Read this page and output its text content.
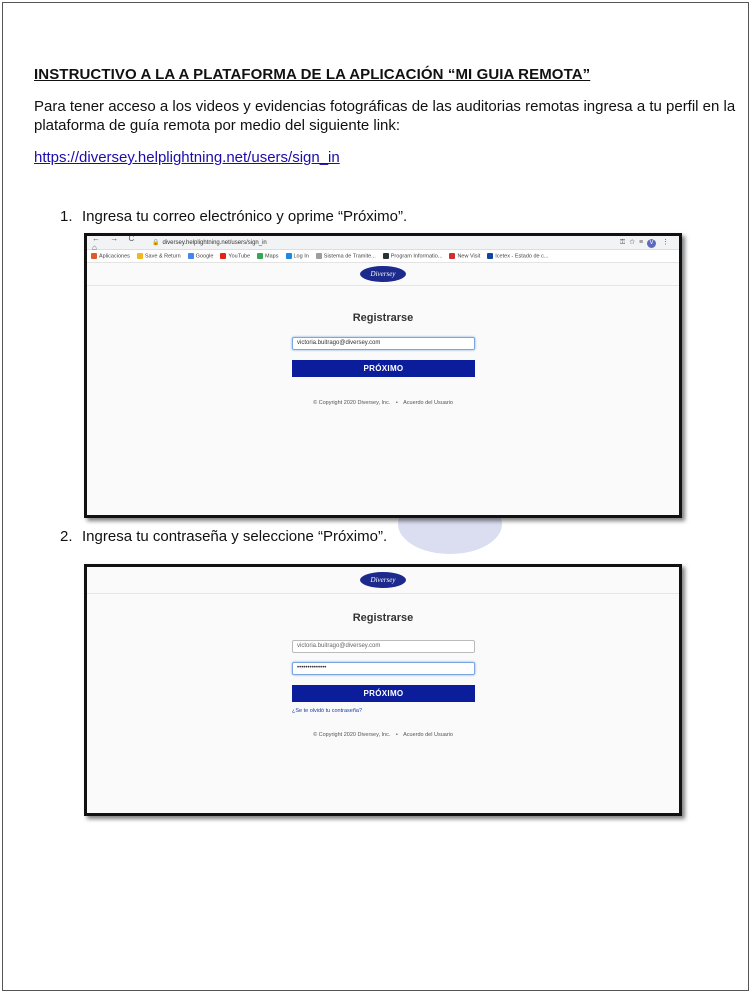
INSTRUCTIVO A LA A PLATAFORMA DE LA APLICACIÓN “MI GUIA REMOTA”
Para tener acceso a los videos y evidencias fotográficas de las auditorias remotas ingresa a tu perfil en la plataforma de guía remota por medio del siguiente link:
https://diversey.helplightning.net/users/sign_in
1. Ingresa tu correo electrónico y oprime “Próximo”.
← → C ⌂	🔒 diversey.helplightning.net/users/sign_in	⚿☆≡ V ⋮
Aplicaciones	Save & Return	Google	YouTube	Maps	Log In	Sistema de Tramite...	Program Informatio...	New Visit	Icetex - Estado de c...
Diversey
Registrarse
victoria.buitrago@diversey.com
PRÓXIMO
© Copyright 2020 Diversey, Inc. • Acuerdo del Usuario
2. Ingresa tu contraseña y seleccione “Próximo”.
Diversey
Registrarse
victoria.buitrago@diversey.com
••••••••••••••
PRÓXIMO
¿Se te olvidó tu contraseña?
© Copyright 2020 Diversey, Inc. • Acuerdo del Usuario
